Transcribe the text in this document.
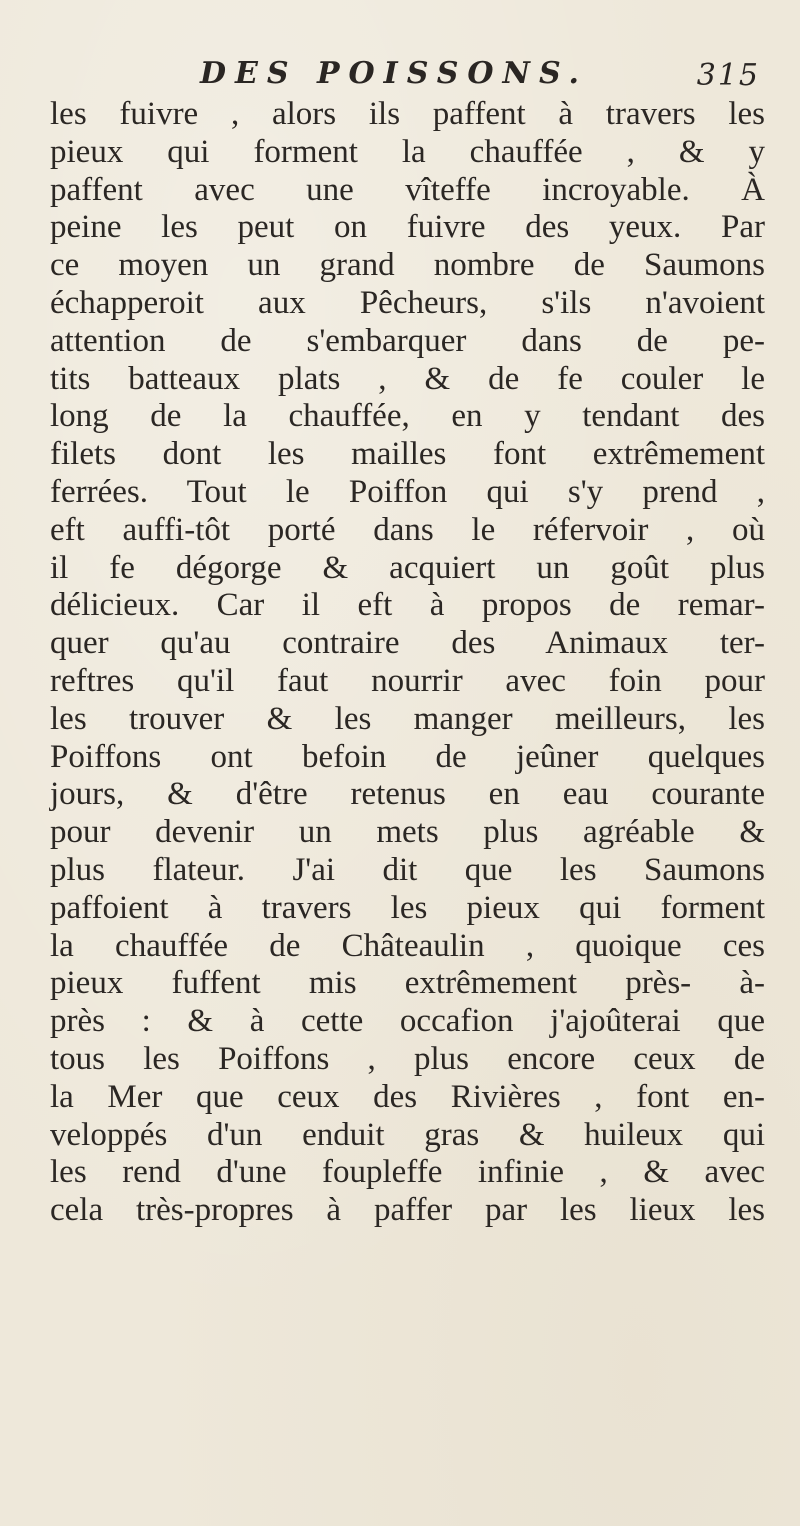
DES POISSONS.	315
les fuivre , alors ils paffent à travers les
pieux qui forment la chauffée , & y
paffent avec une vîteffe incroyable. À
peine les peut on fuivre des yeux. Par
ce moyen un grand nombre de Saumons
échapperoit aux Pêcheurs, s'ils n'avoient
attention de s'embarquer dans de pe-
tits batteaux plats , & de fe couler le
long de la chauffée, en y tendant des
filets dont les mailles font extrêmement
ferrées. Tout le Poiffon qui s'y prend ,
eft auffi-tôt porté dans le réfervoir , où
il fe dégorge & acquiert un goût plus
délicieux. Car il eft à propos de remar-
quer qu'au contraire des Animaux ter-
reftres qu'il faut nourrir avec foin pour
les trouver & les manger meilleurs, les
Poiffons ont befoin de jeûner quelques
jours, & d'être retenus en eau courante
pour devenir un mets plus agréable &
plus flateur. J'ai dit que les Saumons
paffoient à travers les pieux qui forment
la chauffée de Châteaulin , quoique ces
pieux fuffent mis extrêmement près- à-
près : & à cette occafion j'ajoûterai que
tous les Poiffons , plus encore ceux de
la Mer que ceux des Rivières , font en-
veloppés d'un enduit gras & huileux qui
les rend d'une foupleffe infinie , & avec
cela très-propres à paffer par les lieux les
